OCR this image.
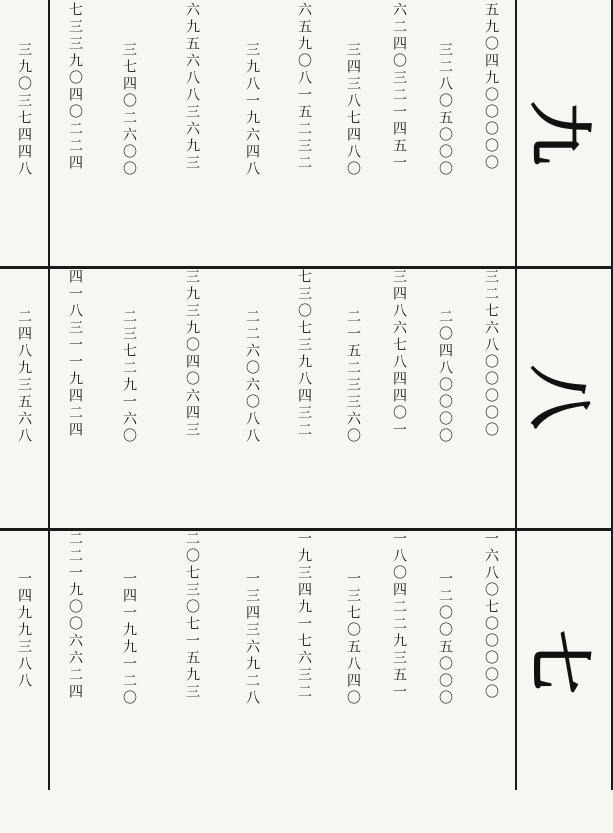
九
八
七
五九〇四九〇〇〇〇〇
三二八〇五〇〇〇
六二四〇三二一四五一
三四三八七四八〇
六五九〇八一五二三二
三九八一九六四八
六九五六八八三六九三
三七四〇二六〇〇
七三三九〇四〇二二四
三九〇三七四四八
三二七六八〇〇〇〇〇
二〇四八〇〇〇〇
三四八六七八四四〇一
二一五二三三六〇
七三〇七三九八四三二
二二六〇六〇八八
三九三九〇四〇六四三
二三七二九一六〇
四一八三一一九四二四
二四八九三五六八
一六八〇七〇〇〇〇〇
一二〇〇五〇〇〇
一八〇四二二九三五一
一三七〇五八四〇
一九三四九一七六三二
一三四三六九二八
二〇七三〇七一五九三
一四一九九一二〇
二二一九〇〇六六二四
一四九九三八八
